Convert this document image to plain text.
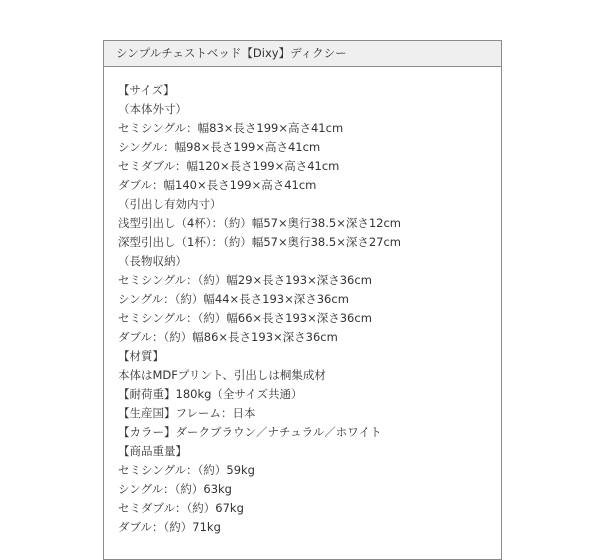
シンプルチェストベッド【Dixy】ディクシー
【サイズ】
（本体外寸）
セミシングル：幅83×長さ199×高さ41cm
シングル：幅98×長さ199×高さ41cm
セミダブル：幅120×長さ199×高さ41cm
ダブル：幅140×長さ199×高さ41cm
（引出し有効内寸）
浅型引出し（4杯）：（約）幅57×奥行38.5×深さ12cm
深型引出し（1杯）：（約）幅57×奥行38.5×深さ27cm
（長物収納）
セミシングル：（約）幅29×長さ193×深さ36cm
シングル：（約）幅44×長さ193×深さ36cm
セミシングル：（約）幅66×長さ193×深さ36cm
ダブル：（約）幅86×長さ193×深さ36cm
【材質】
本体はMDFプリント、引出しは桐集成材
【耐荷重】180kg（全サイズ共通）
【生産国】フレーム：日本
【カラー】ダークブラウン／ナチュラル／ホワイト
【商品重量】
セミシングル：（約）59kg
シングル：（約）63kg
セミダブル：（約）67kg
ダブル：（約）71kg
